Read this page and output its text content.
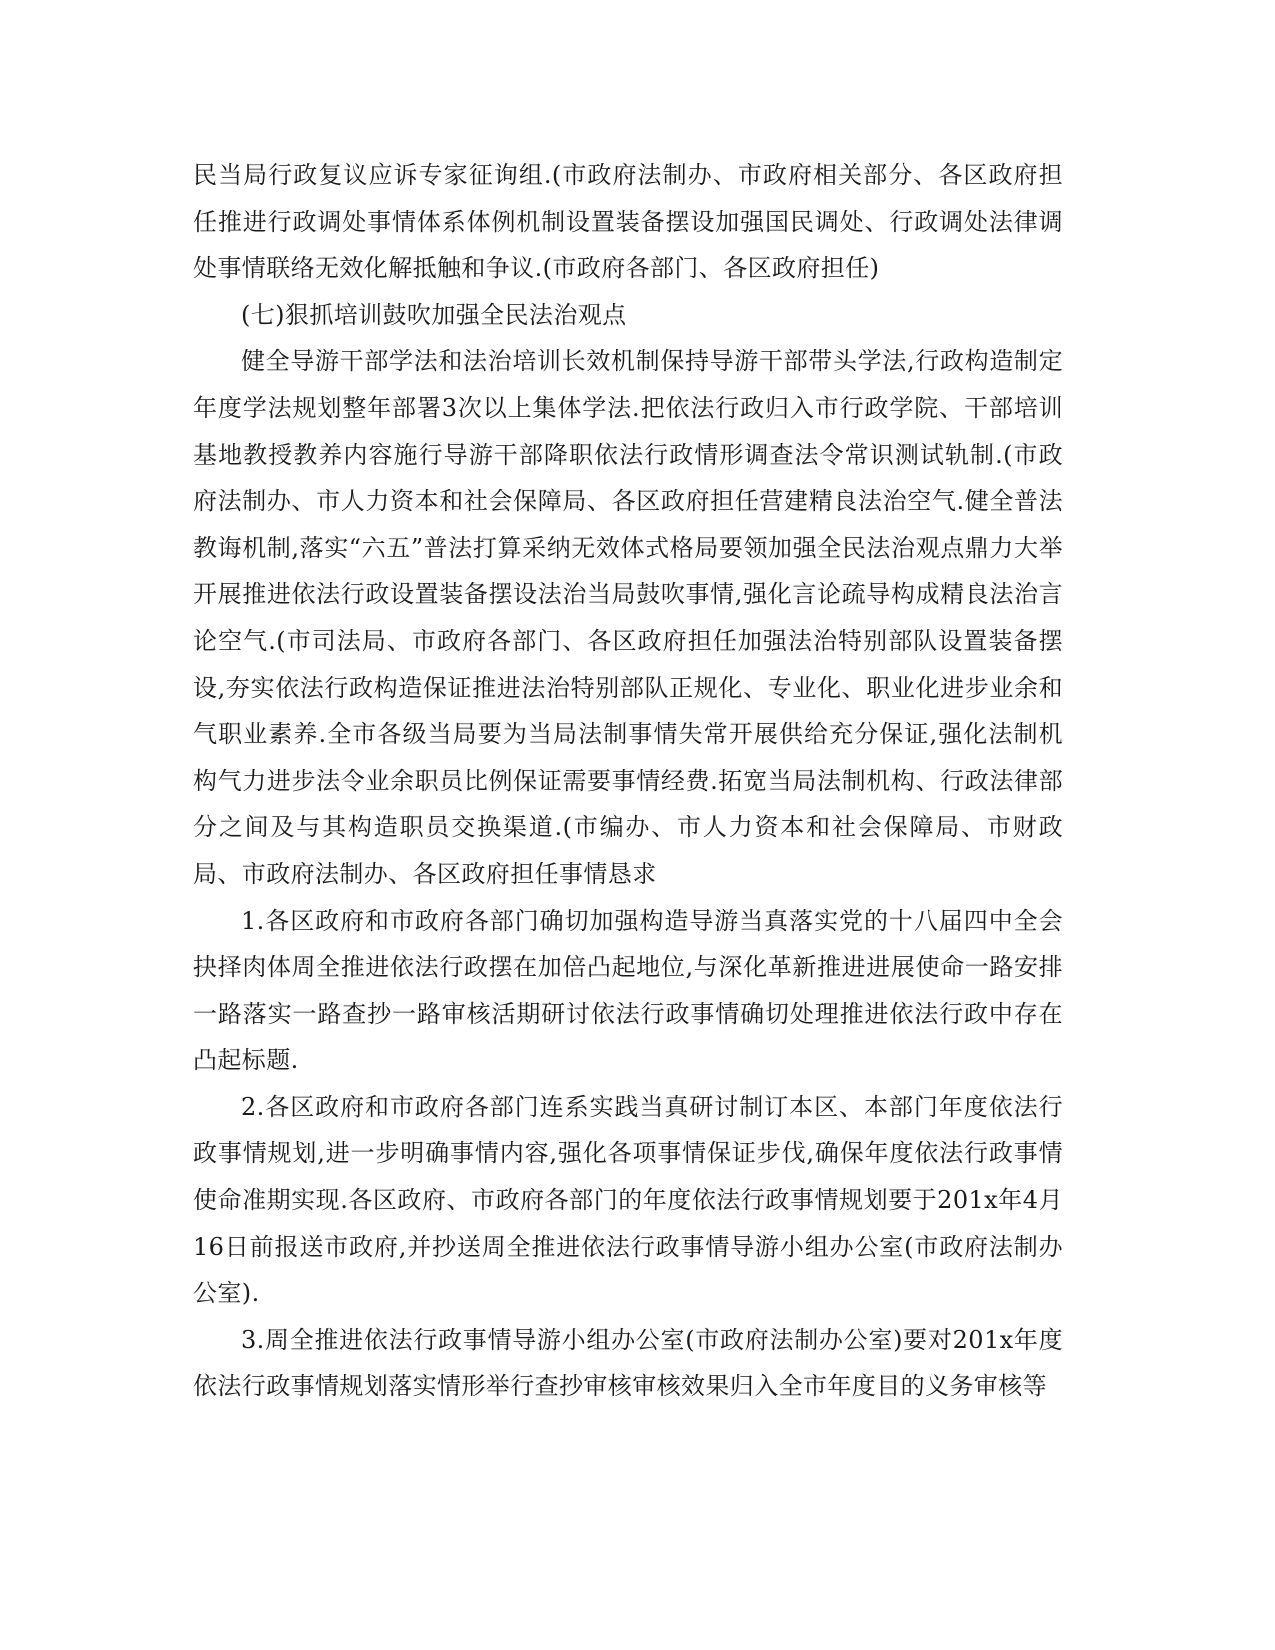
民当局行政复议应诉专家征询组.(市政府法制办、市政府相关部分、各区政府担任推进行政调处事情体系体例机制设置装备摆设加强国民调处、行政调处法律调处事情联络无效化解抵触和争议.(市政府各部门、各区政府担任)

(七)狠抓培训鼓吹加强全民法治观点

健全导游干部学法和法治培训长效机制保持导游干部带头学法,行政构造制定年度学法规划整年部署3次以上集体学法.把依法行政归入市行政学院、干部培训基地教授教养内容施行导游干部降职依法行政情形调查法令常识测试轨制.(市政府法制办、市人力资本和社会保障局、各区政府担任营建精良法治空气.健全普法教诲机制,落实“六五”普法打算采纳无效体式格局要领加强全民法治观点鼎力大举开展推进依法行政设置装备摆设法治当局鼓吹事情,强化言论疏导构成精良法治言论空气.(市司法局、市政府各部门、各区政府担任加强法治特别部队设置装备摆设,夯实依法行政构造保证推进法治特别部队正规化、专业化、职业化进步业余和气职业素养.全市各级当局要为当局法制事情失常开展供给充分保证,强化法制机构气力进步法令业余职员比例保证需要事情经费.拓宽当局法制机构、行政法律部分之间及与其构造职员交换渠道.(市编办、市人力资本和社会保障局、市财政局、市政府法制办、各区政府担任事情恳求

1.各区政府和市政府各部门确切加强构造导游当真落实党的十八届四中全会抉择肉体周全推进依法行政摆在加倍凸起地位,与深化革新推进进展使命一路安排一路落实一路查抄一路审核活期研讨依法行政事情确切处理推进依法行政中存在凸起标题.

2.各区政府和市政府各部门连系实践当真研讨制订本区、本部门年度依法行政事情规划,进一步明确事情内容,强化各项事情保证步伐,确保年度依法行政事情使命准期实现.各区政府、市政府各部门的年度依法行政事情规划要于201x年4月16日前报送市政府,并抄送周全推进依法行政事情导游小组办公室(市政府法制办公室).

3.周全推进依法行政事情导游小组办公室(市政府法制办公室)要对201x年度依法行政事情规划落实情形举行查抄审核审核效果归入全市年度目的义务审核等
